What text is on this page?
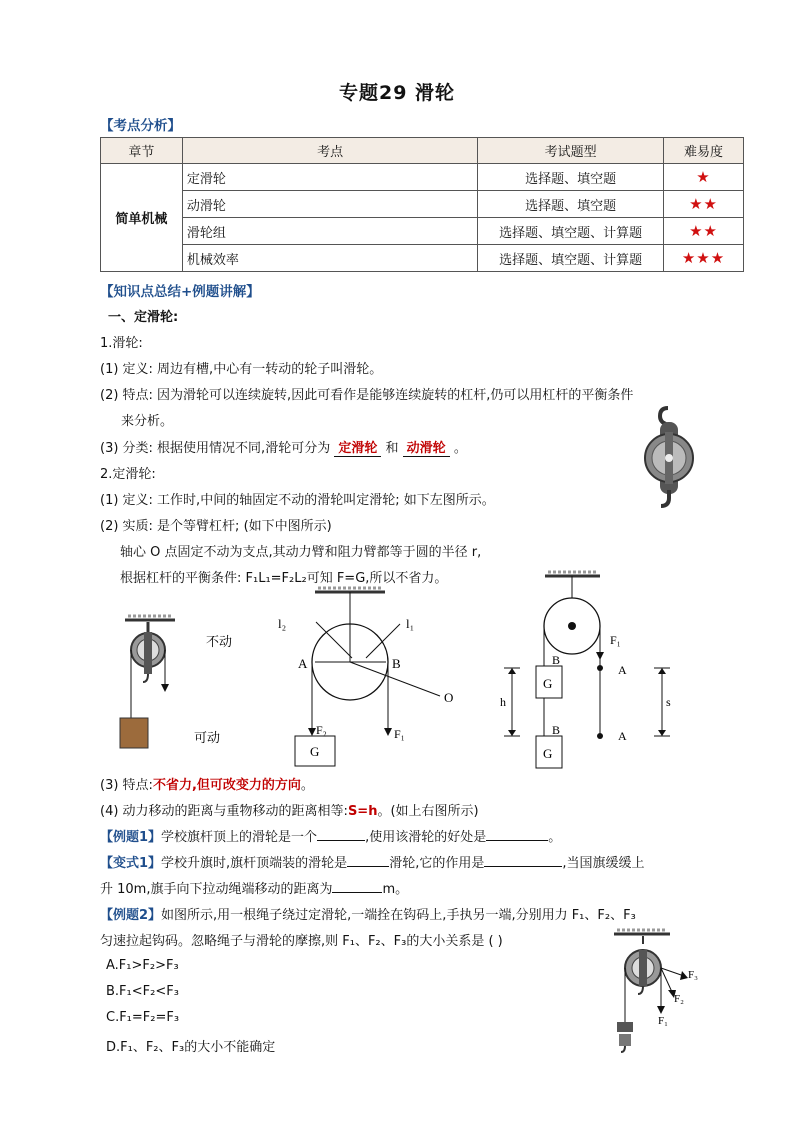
专题29 滑轮
【考点分析】
章节	考点	考试题型	难易度
简单机械	定滑轮	选择题、填空题	★
	动滑轮	选择题、填空题	★★
	滑轮组	选择题、填空题、计算题	★★
	机械效率	选择题、填空题、计算题	★★★
【知识点总结+例题讲解】
一、定滑轮:
1.滑轮:
(1) 定义: 周边有槽,中心有一转动的轮子叫滑轮。
(2) 特点: 因为滑轮可以连续旋转,因此可看作是能够连续旋转的杠杆,仍可以用杠杆的平衡条件
来分析。
(3) 分类: 根据使用情况不同,滑轮可分为 定滑轮 和 动滑轮 。
2.定滑轮:
(1) 定义: 工作时,中间的轴固定不动的滑轮叫定滑轮; 如下左图所示。
(2) 实质: 是个等臂杠杆; (如下中图所示)
轴心 O 点固定不动为支点,其动力臂和阻力臂都等于圆的半径 r,
根据杠杆的平衡条件: F₁L₁=F₂L₂可知 F=G,所以不省力。
不动
可动
l₂	l₁
A	B
O
F₂	F₁
G
F₁
B
B
A
A
G
G
h	s
(3) 特点:不省力,但可改变力的方向。
(4) 动力移动的距离与重物移动的距离相等:S=h。(如上右图所示)
【例题1】学校旗杆顶上的滑轮是一个	,使用该滑轮的好处是	。
【变式1】学校升旗时,旗杆顶端装的滑轮是	滑轮,它的作用是	,当国旗缓缓上
升 10m,旗手向下拉动绳端移动的距离为	m。
【例题2】如图所示,用一根绳子绕过定滑轮,一端拴在钩码上,手执另一端,分别用力 F₁、F₂、F₃
匀速拉起钩码。忽略绳子与滑轮的摩擦,则 F₁、F₂、F₃的大小关系是 ( )
A.F₁>F₂>F₃
B.F₁<F₂<F₃
C.F₁=F₂=F₃
D.F₁、F₂、F₃的大小不能确定
F₁
F₂
F₃
